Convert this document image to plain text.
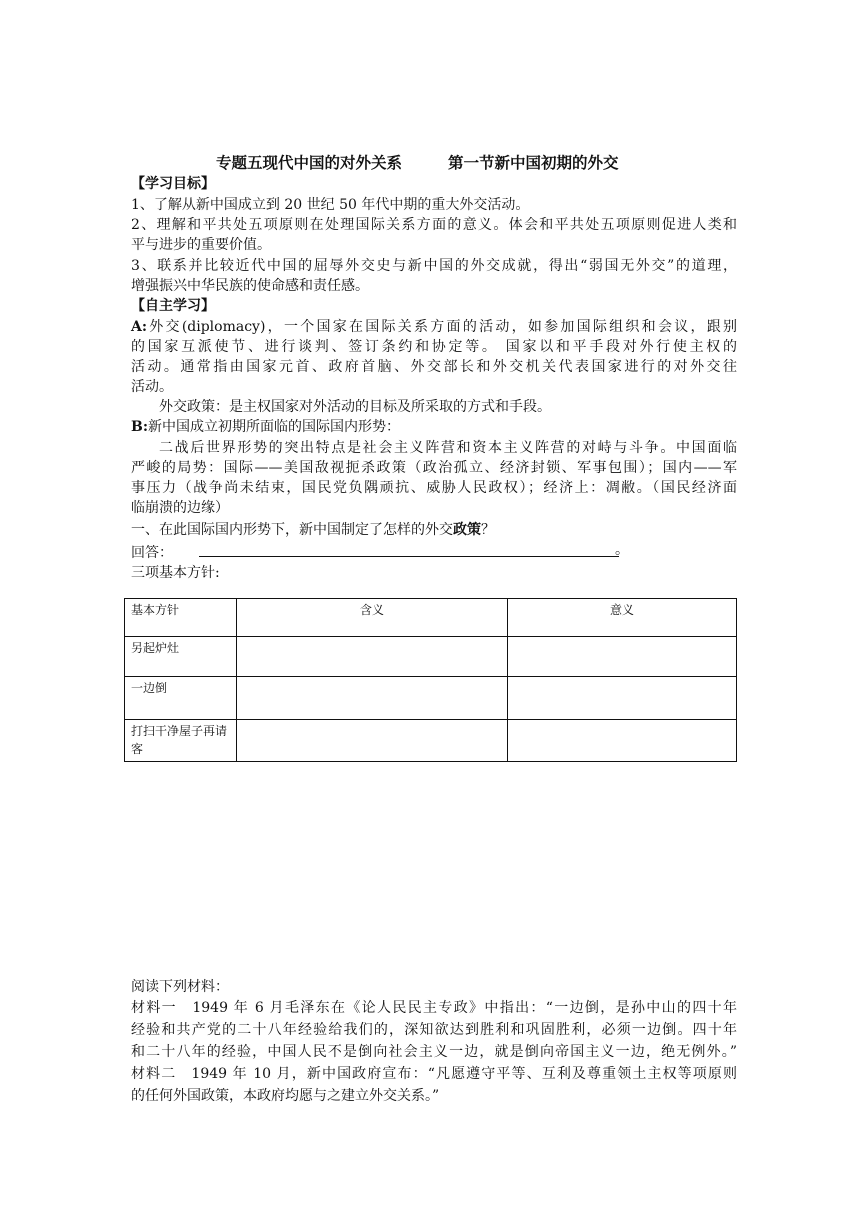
专题五现代中国的对外关系	第一节新中国初期的外交
【学习目标】
1、了解从新中国成立到 20 世纪 50 年代中期的重大外交活动。
2、理解和平共处五项原则在处理国际关系方面的意义。体会和平共处五项原则促进人类和
平与进步的重要价值。
3、联系并比较近代中国的屈辱外交史与新中国的外交成就，得出“弱国无外交”的道理，
增强振兴中华民族的使命感和责任感。
【自主学习】
A:外交(diplomacy)，一个国家在国际关系方面的活动，如参加国际组织和会议，跟别
的国家互派使节、进行谈判、签订条约和协定等。 国家以和平手段对外行使主权的
活动。通常指由国家元首、政府首脑、外交部长和外交机关代表国家进行的对外交往
活动。
外交政策：是主权国家对外活动的目标及所采取的方式和手段。
B:新中国成立初期所面临的国际国内形势：
二战后世界形势的突出特点是社会主义阵营和资本主义阵营的对峙与斗争。中国面临
严峻的局势：国际——美国敌视扼杀政策（政治孤立、经济封锁、军事包围）；国内——军
事压力（战争尚未结束，国民党负隅顽抗、威胁人民政权）；经济上：凋敝。（国民经济面
临崩溃的边缘）
一、在此国际国内形势下，新中国制定了怎样的外交政策？
回答：	。
三项基本方针:
基本方针	含义	意义
另起炉灶		
一边倒		
打扫干净屋子再请客		
阅读下列材料：
材料一　1949 年 6 月毛泽东在《论人民民主专政》中指出：“一边倒，是孙中山的四十年
经验和共产党的二十八年经验给我们的，深知欲达到胜利和巩固胜利，必须一边倒。四十年
和二十八年的经验，中国人民不是倒向社会主义一边，就是倒向帝国主义一边，绝无例外。”
材料二　1949 年 10 月，新中国政府宣布：“凡愿遵守平等、互利及尊重领土主权等项原则
的任何外国政策，本政府均愿与之建立外交关系。”
